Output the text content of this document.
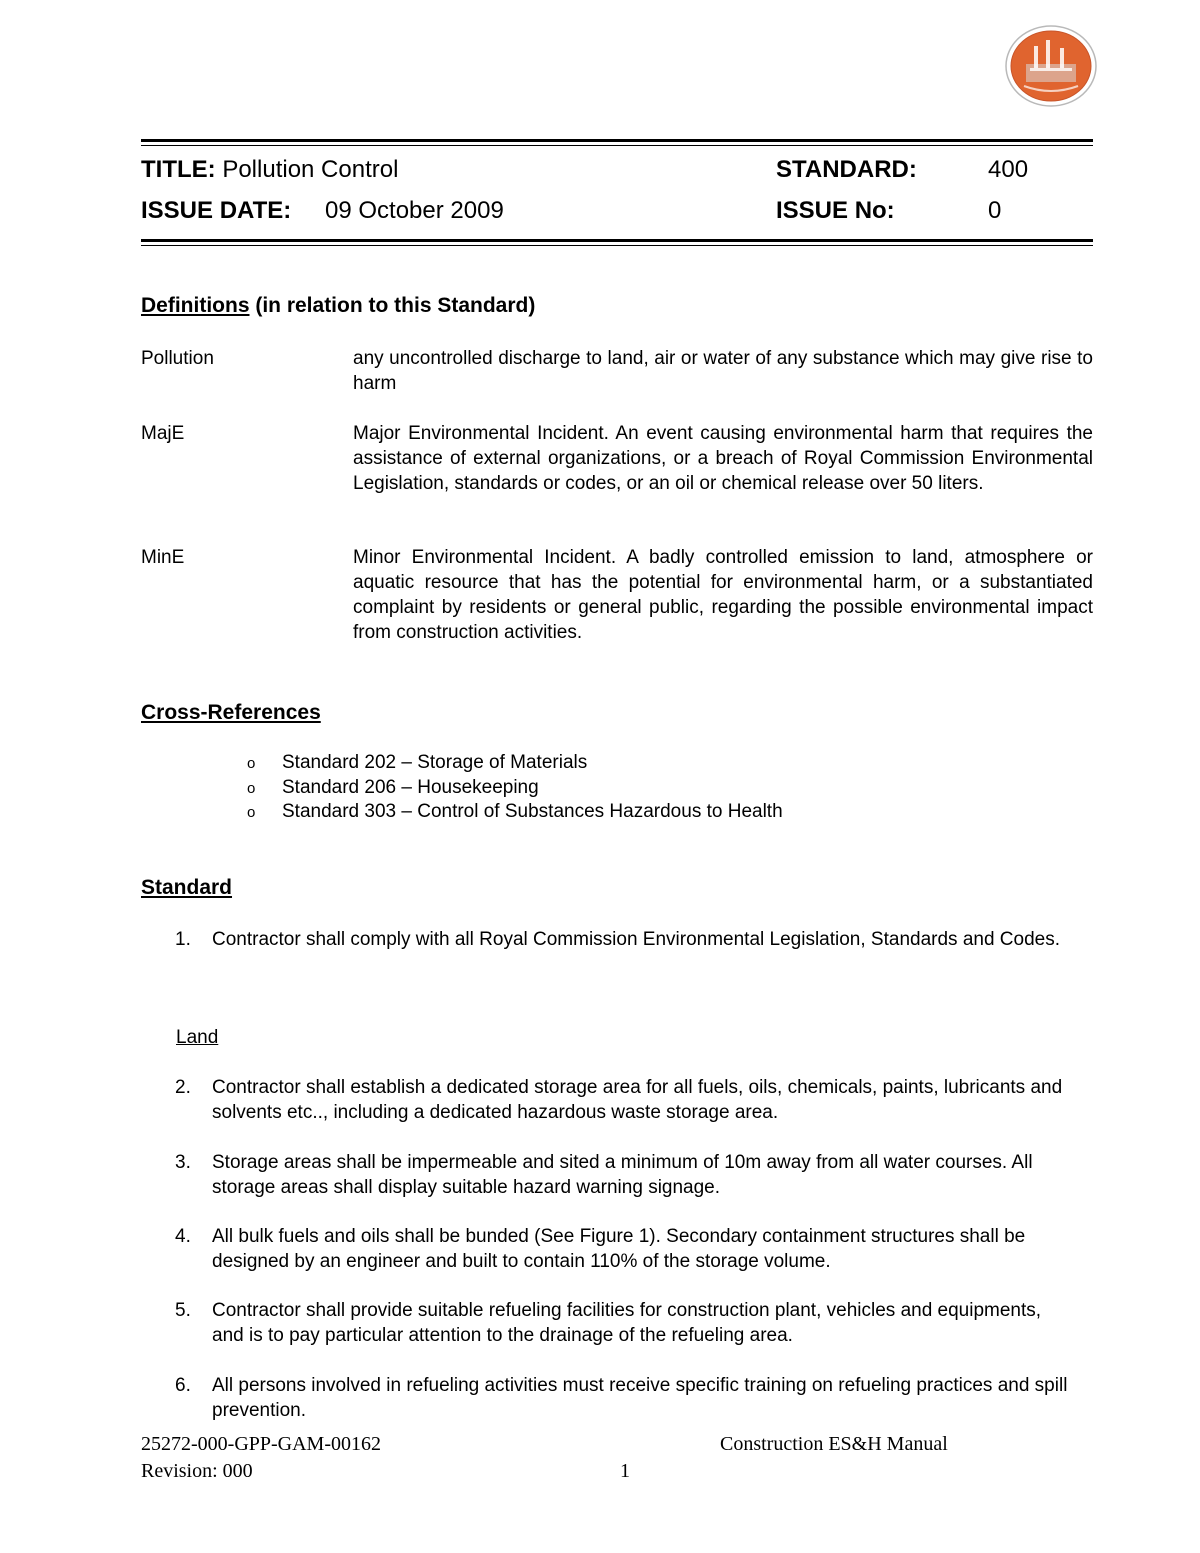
TITLE: Pollution Control	STANDARD:	400
ISSUE DATE: 09 October 2009	ISSUE No:	0
Definitions (in relation to this Standard)
Pollution	any uncontrolled discharge to land, air or water of any substance which may give rise to harm
MajE	Major Environmental Incident. An event causing environmental harm that requires the assistance of external organizations, or a breach of Royal Commission Environmental Legislation, standards or codes, or an oil or chemical release over 50 liters.
MinE	Minor Environmental Incident. A badly controlled emission to land, atmosphere or aquatic resource that has the potential for environmental harm, or a substantiated complaint by residents or general public, regarding the possible environmental impact from construction activities.
Cross-References
o Standard 202 – Storage of Materials
o Standard 206 – Housekeeping
o Standard 303 – Control of Substances Hazardous to Health
Standard
1.	Contractor shall comply with all Royal Commission Environmental Legislation, Standards and Codes.
Land
2.	Contractor shall establish a dedicated storage area for all fuels, oils, chemicals, paints, lubricants and solvents etc.., including a dedicated hazardous waste storage area.
3.	Storage areas shall be impermeable and sited a minimum of 10m away from all water courses. All storage areas shall display suitable hazard warning signage.
4.	All bulk fuels and oils shall be bunded (See Figure 1). Secondary containment structures shall be designed by an engineer and built to contain 110% of the storage volume.
5.	Contractor shall provide suitable refueling facilities for construction plant, vehicles and equipments, and is to pay particular attention to the drainage of the refueling area.
6.	All persons involved in refueling activities must receive specific training on refueling practices and spill prevention.
25272-000-GPP-GAM-00162	Construction ES&H Manual
Revision: 000	1
